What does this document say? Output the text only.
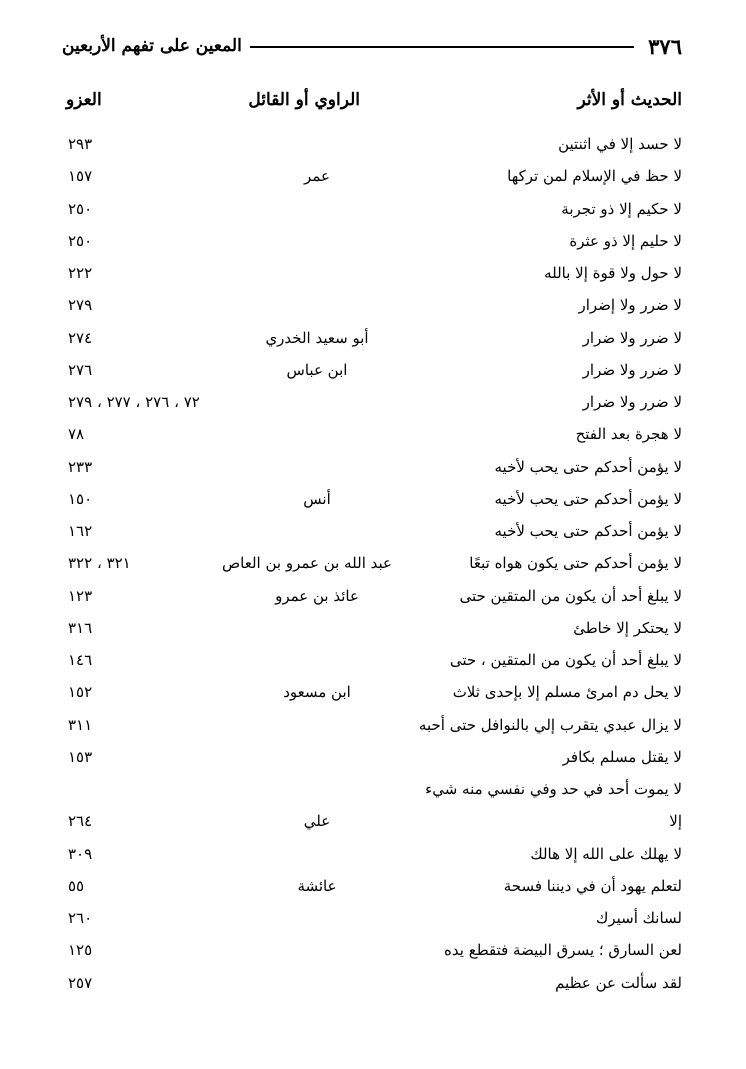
٣٧٦
المعين على تفهم الأربعين
الحديث أو الأثر
الراوي أو القائل
العزو
لا حسد إلا في اثنتين
٢٩٣
لا حظ في الإسلام لمن تركها
عمر
١٥٧
لا حكيم إلا ذو تجربة
٢٥٠
لا حليم إلا ذو عثرة
٢٥٠
لا حول ولا قوة إلا بالله
٢٢٢
لا ضرر ولا إضرار
٢٧٩
لا ضرر ولا ضرار
أبو سعيد الخدري
٢٧٤
لا ضرر ولا ضرار
ابن عباس
٢٧٦
لا ضرر ولا ضرار
٧٢ ، ٢٧٦ ، ٢٧٧ ، ٢٧٩
لا هجرة بعد الفتح
٧٨
لا يؤمن أحدكم حتى يحب لأخيه
٢٣٣
لا يؤمن أحدكم حتى يحب لأخيه
أنس
١٥٠
لا يؤمن أحدكم حتى يحب لأخيه
١٦٢
لا يؤمن أحدكم حتى يكون هواه تبعًا
عبد الله بن عمرو بن العاص
٣٢١ ، ٣٢٢
لا يبلغ أحد أن يكون من المتقين حتى
عائذ بن عمرو
١٢٣
لا يحتكر إلا خاطئ
٣١٦
لا يبلغ أحد أن يكون من المتقين ، حتى
١٤٦
لا يحل دم امرئ مسلم إلا بإحدى ثلاث
ابن مسعود
١٥٢
لا يزال عبدي يتقرب إلي بالنوافل حتى أحبه
٣١١
لا يقتل مسلم بكافر
١٥٣
لا يموت أحد في حد وفي نفسي منه شيء
إلا
علي
٢٦٤
لا يهلك على الله إلا هالك
٣٠٩
لتعلم يهود أن في ديننا فسحة
عائشة
٥٥
لسانك أسيرك
٢٦٠
لعن السارق ؛ يسرق البيضة فتقطع يده
١٢٥
لقد سألت عن عظيم
٢٥٧
